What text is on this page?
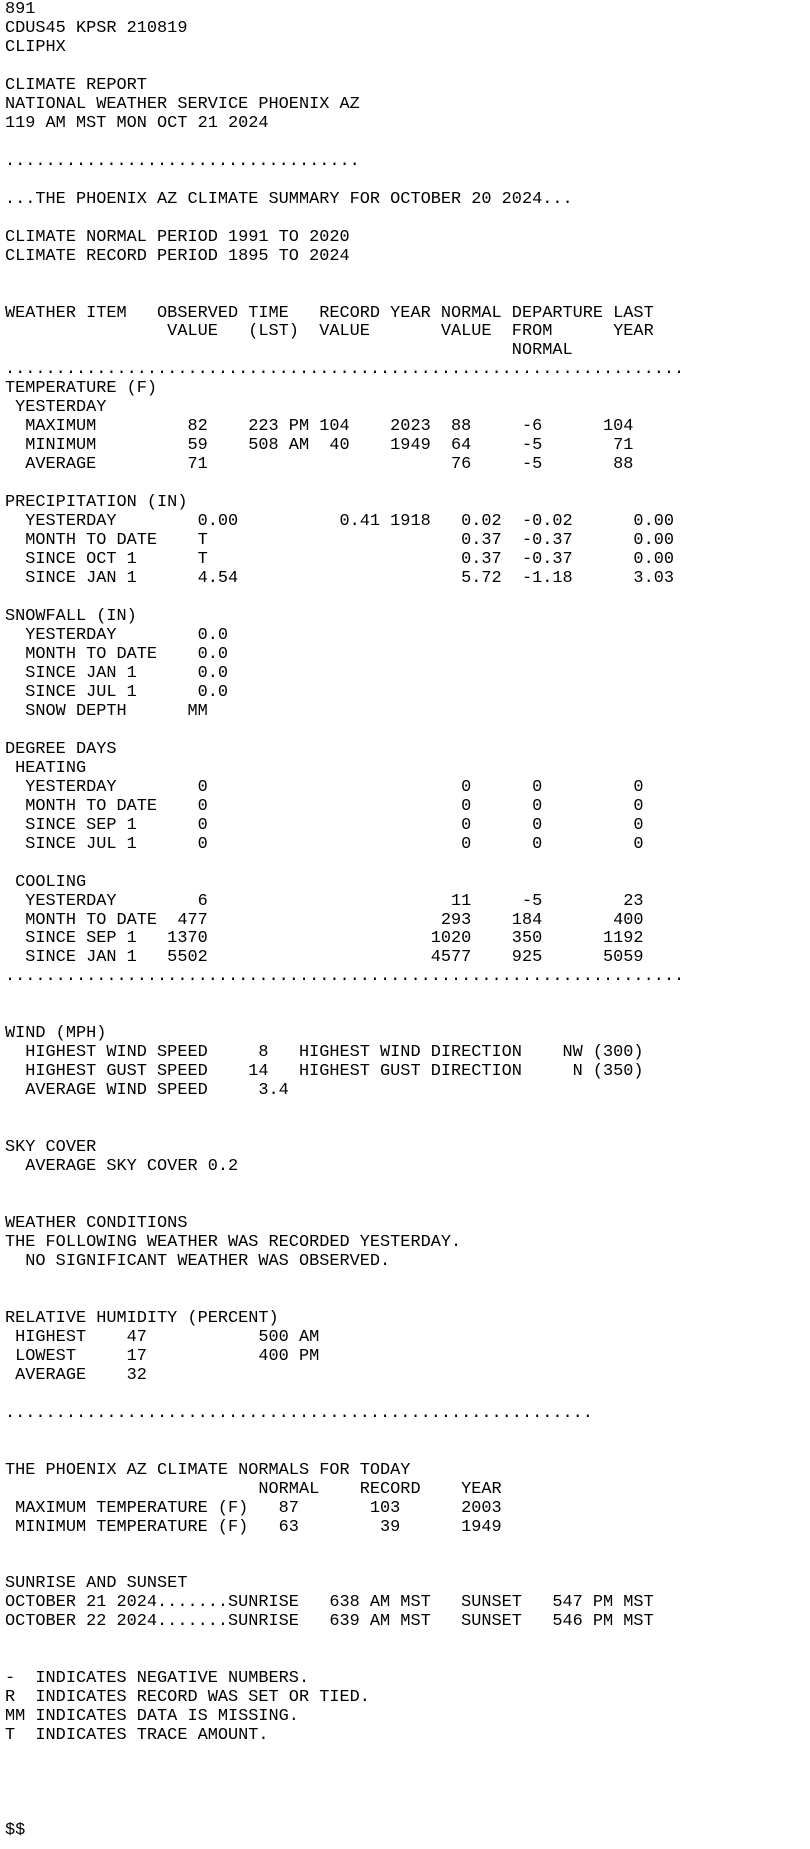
891
CDUS45 KPSR 210819
CLIPHX
CLIMATE REPORT
NATIONAL WEATHER SERVICE PHOENIX AZ
119 AM MST MON OCT 21 2024
...................................
...THE PHOENIX AZ CLIMATE SUMMARY FOR OCTOBER 20 2024...
CLIMATE NORMAL PERIOD 1991 TO 2020
CLIMATE RECORD PERIOD 1895 TO 2024
WEATHER ITEM   OBSERVED TIME   RECORD YEAR NORMAL DEPARTURE LAST
VALUE   (LST)  VALUE       VALUE  FROM      YEAR
NORMAL
...................................................................
TEMPERATURE (F)
YESTERDAY
MAXIMUM         82    223 PM 104    2023  88     -6      104
MINIMUM         59    508 AM  40    1949  64     -5       71
AVERAGE         71                        76     -5       88
PRECIPITATION (IN)
YESTERDAY        0.00          0.41 1918   0.02  -0.02      0.00
MONTH TO DATE    T                         0.37  -0.37      0.00
SINCE OCT 1      T                         0.37  -0.37      0.00
SINCE JAN 1      4.54                      5.72  -1.18      3.03
SNOWFALL (IN)
YESTERDAY        0.0
MONTH TO DATE    0.0
SINCE JAN 1      0.0
SINCE JUL 1      0.0
SNOW DEPTH      MM
DEGREE DAYS
HEATING
YESTERDAY        0                         0      0         0
MONTH TO DATE    0                         0      0         0
SINCE SEP 1      0                         0      0         0
SINCE JUL 1      0                         0      0         0
COOLING
YESTERDAY        6                        11     -5        23
MONTH TO DATE  477                       293    184       400
SINCE SEP 1   1370                      1020    350      1192
SINCE JAN 1   5502                      4577    925      5059
...................................................................
WIND (MPH)
HIGHEST WIND SPEED     8   HIGHEST WIND DIRECTION    NW (300)
HIGHEST GUST SPEED    14   HIGHEST GUST DIRECTION     N (350)
AVERAGE WIND SPEED     3.4
SKY COVER
AVERAGE SKY COVER 0.2
WEATHER CONDITIONS
THE FOLLOWING WEATHER WAS RECORDED YESTERDAY.
NO SIGNIFICANT WEATHER WAS OBSERVED.
RELATIVE HUMIDITY (PERCENT)
HIGHEST    47           500 AM
LOWEST     17           400 PM
AVERAGE    32
..........................................................
THE PHOENIX AZ CLIMATE NORMALS FOR TODAY
NORMAL    RECORD    YEAR
MAXIMUM TEMPERATURE (F)   87       103      2003
MINIMUM TEMPERATURE (F)   63        39      1949
SUNRISE AND SUNSET
OCTOBER 21 2024.......SUNRISE   638 AM MST   SUNSET   547 PM MST
OCTOBER 22 2024.......SUNRISE   639 AM MST   SUNSET   546 PM MST
-  INDICATES NEGATIVE NUMBERS.
R  INDICATES RECORD WAS SET OR TIED.
MM INDICATES DATA IS MISSING.
T  INDICATES TRACE AMOUNT.
$$
